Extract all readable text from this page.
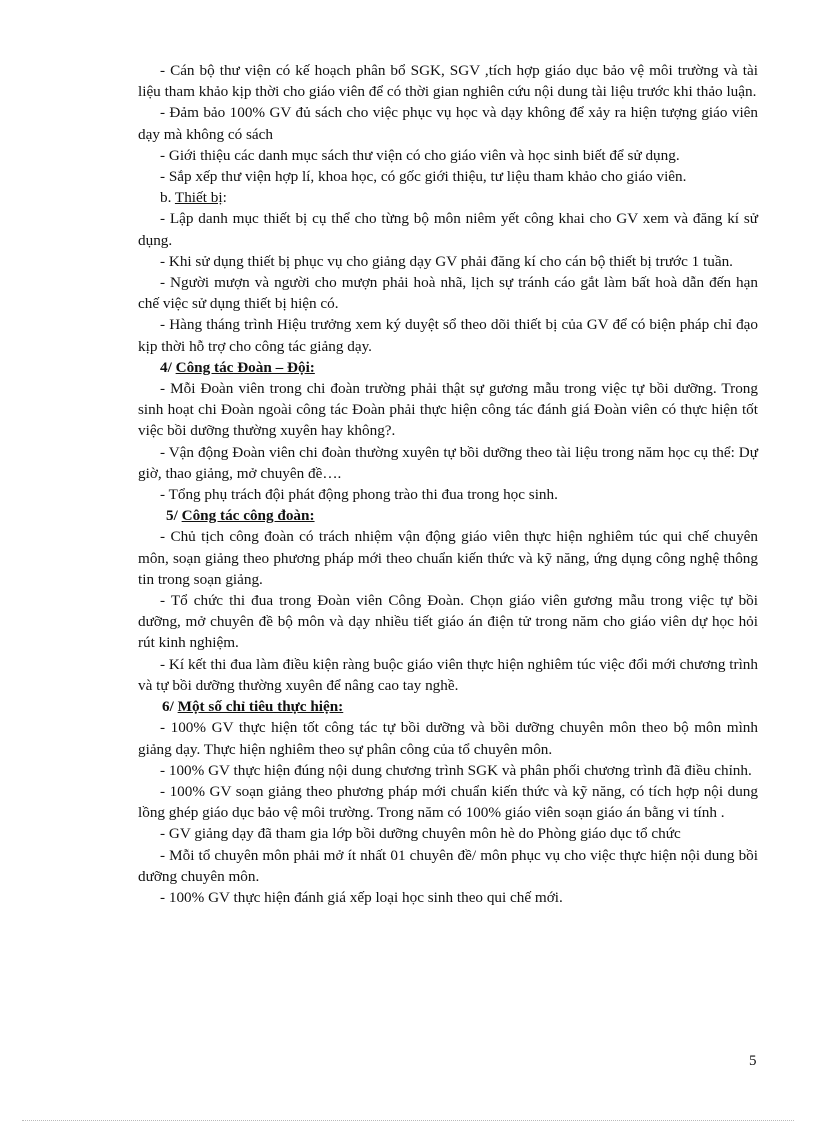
- Cán bộ thư viện có kế hoạch phân bổ SGK, SGV ,tích hợp giáo dục bảo vệ môi trường và tài liệu tham khảo kịp thời cho giáo viên để có thời gian nghiên cứu nội dung tài liệu trước khi thảo luận.

- Đảm bảo 100% GV đủ sách cho việc phục vụ học và dạy không để xảy ra hiện tượng giáo viên dạy mà không có sách

- Giới thiệu các danh mục sách thư viện có cho giáo viên và học sinh biết để sử dụng.

- Sắp xếp thư viện hợp lí, khoa học, có gốc giới thiệu, tư liệu tham khảo cho giáo viên.

b. Thiết bị:

- Lập danh mục thiết bị cụ thể cho từng bộ môn niêm yết công khai cho GV xem và đăng kí sử dụng.

- Khi sử dụng thiết bị phục vụ cho giảng dạy GV phải đăng kí cho cán bộ thiết bị trước 1 tuần.

- Người mượn và người cho mượn phải hoà nhã, lịch sự tránh cáo gắt làm bất hoà dẫn đến hạn chế việc sử dụng thiết bị hiện có.

- Hàng tháng trình Hiệu trưởng xem ký duyệt sổ theo dõi thiết bị của GV để có biện pháp chỉ đạo kịp thời hỗ trợ cho công tác giảng dạy.

4/ Công tác Đoàn – Đội:

- Mỗi Đoàn viên trong chi đoàn trường phải thật sự gương mẫu trong việc tự bồi dưỡng. Trong sinh hoạt chi Đoàn ngoài công tác Đoàn phải thực hiện công tác đánh giá Đoàn viên có thực hiện tốt việc bồi dưỡng thường xuyên hay không?.

- Vận động Đoàn viên chi đoàn thường xuyên tự bồi dưỡng theo tài liệu trong năm học cụ thể: Dự giờ, thao giảng, mở chuyên đề….

- Tổng phụ trách đội phát động phong trào thi đua trong học sinh.

5/ Công tác công đoàn:

- Chủ tịch công đoàn có trách nhiệm vận động giáo viên thực hiện nghiêm túc qui chế chuyên môn, soạn giảng theo phương pháp mới theo chuẩn kiến thức và kỹ năng, ứng dụng công nghệ thông tin trong soạn giảng.

- Tổ chức thi đua trong Đoàn viên Công Đoàn. Chọn giáo viên gương mẫu trong việc tự bồi dưỡng, mở chuyên đề bộ môn và dạy nhiều tiết giáo án điện tử trong năm cho giáo viên dự học hỏi rút kinh nghiệm.

- Kí kết thi đua làm điều kiện ràng buộc giáo viên thực hiện nghiêm túc việc đổi mới chương trình và tự bồi dưỡng thường xuyên để nâng cao tay nghề.

6/ Một số chỉ tiêu thực hiện:

- 100% GV thực hiện tốt công tác tự bồi dưỡng và bồi dưỡng chuyên môn theo bộ môn mình giảng dạy. Thực hiện nghiêm theo sự phân công của tổ chuyên môn.

- 100% GV thực hiện đúng nội dung chương trình SGK và phân phối chương trình đã điều chỉnh.

- 100% GV soạn giảng theo phương pháp mới chuẩn kiến thức và kỹ năng, có tích hợp nội dung lồng ghép giáo dục bảo vệ môi trường. Trong năm có 100% giáo viên soạn giáo án bằng vi tính .

- GV giảng dạy đã tham gia lớp bồi dưỡng chuyên môn hè do Phòng giáo dục tổ chức

- Mỗi tổ chuyên môn phải mở ít nhất 01 chuyên đề/ môn phục vụ cho việc thực hiện nội dung bồi dưỡng chuyên môn.

- 100% GV thực hiện đánh giá xếp loại học sinh theo qui chế mới.

5
